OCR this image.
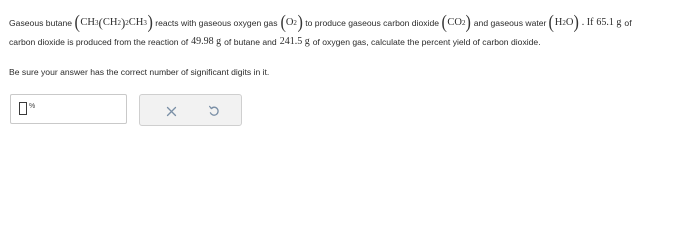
Gaseous butane ( CH 3 ( CH 2 ) 2 CH 3 ) reacts with gaseous oxygen gas ( O 2 ) to produce gaseous carbon dioxide ( CO 2 ) and gaseous water ( H 2 O ) . If 65.1 g of
carbon dioxide is produced from the reaction of 49.98 g of butane and 241.5 g of oxygen gas, calculate the percent yield of carbon dioxide.
Be sure your answer has the correct number of significant digits in it.
%
